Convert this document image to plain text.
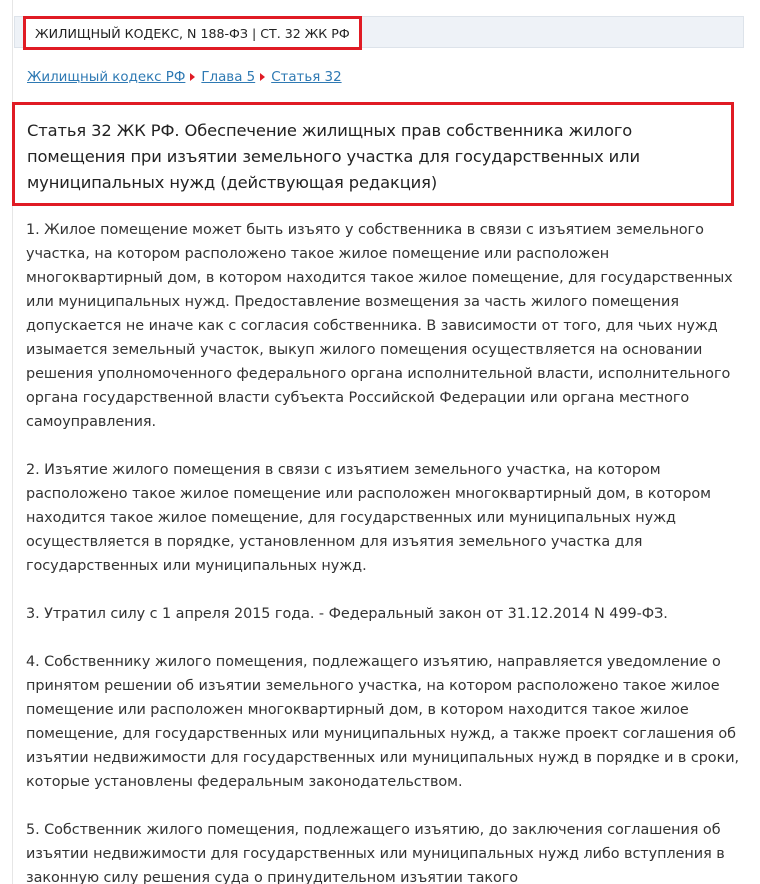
ЖИЛИЩНЫЙ КОДЕКС, N 188-ФЗ | СТ. 32 ЖК РФ
Жилищный кодекс РФ Глава 5 Статья 32
Статья 32 ЖК РФ. Обеспечение жилищных прав собственника жилого помещения при изъятии земельного участка для государственных или муниципальных нужд (действующая редакция)

1. Жилое помещение может быть изъято у собственника в связи с изъятием земельного участка, на котором расположено такое жилое помещение или расположен многоквартирный дом, в котором находится такое жилое помещение, для государственных или муниципальных нужд. Предоставление возмещения за часть жилого помещения допускается не иначе как с согласия собственника. В зависимости от того, для чьих нужд изымается земельный участок, выкуп жилого помещения осуществляется на основании решения уполномоченного федерального органа исполнительной власти, исполнительного органа государственной власти субъекта Российской Федерации или органа местного самоуправления.

2. Изъятие жилого помещения в связи с изъятием земельного участка, на котором расположено такое жилое помещение или расположен многоквартирный дом, в котором находится такое жилое помещение, для государственных или муниципальных нужд осуществляется в порядке, установленном для изъятия земельного участка для государственных или муниципальных нужд.

3. Утратил силу с 1 апреля 2015 года. - Федеральный закон от 31.12.2014 N 499-ФЗ.

4. Собственнику жилого помещения, подлежащего изъятию, направляется уведомление о принятом решении об изъятии земельного участка, на котором расположено такое жилое помещение или расположен многоквартирный дом, в котором находится такое жилое помещение, для государственных или муниципальных нужд, а также проект соглашения об изъятии недвижимости для государственных или муниципальных нужд в порядке и в сроки, которые установлены федеральным законодательством.

5. Собственник жилого помещения, подлежащего изъятию, до заключения соглашения об изъятии недвижимости для государственных или муниципальных нужд либо вступления в законную силу решения суда о принудительном изъятии такого
